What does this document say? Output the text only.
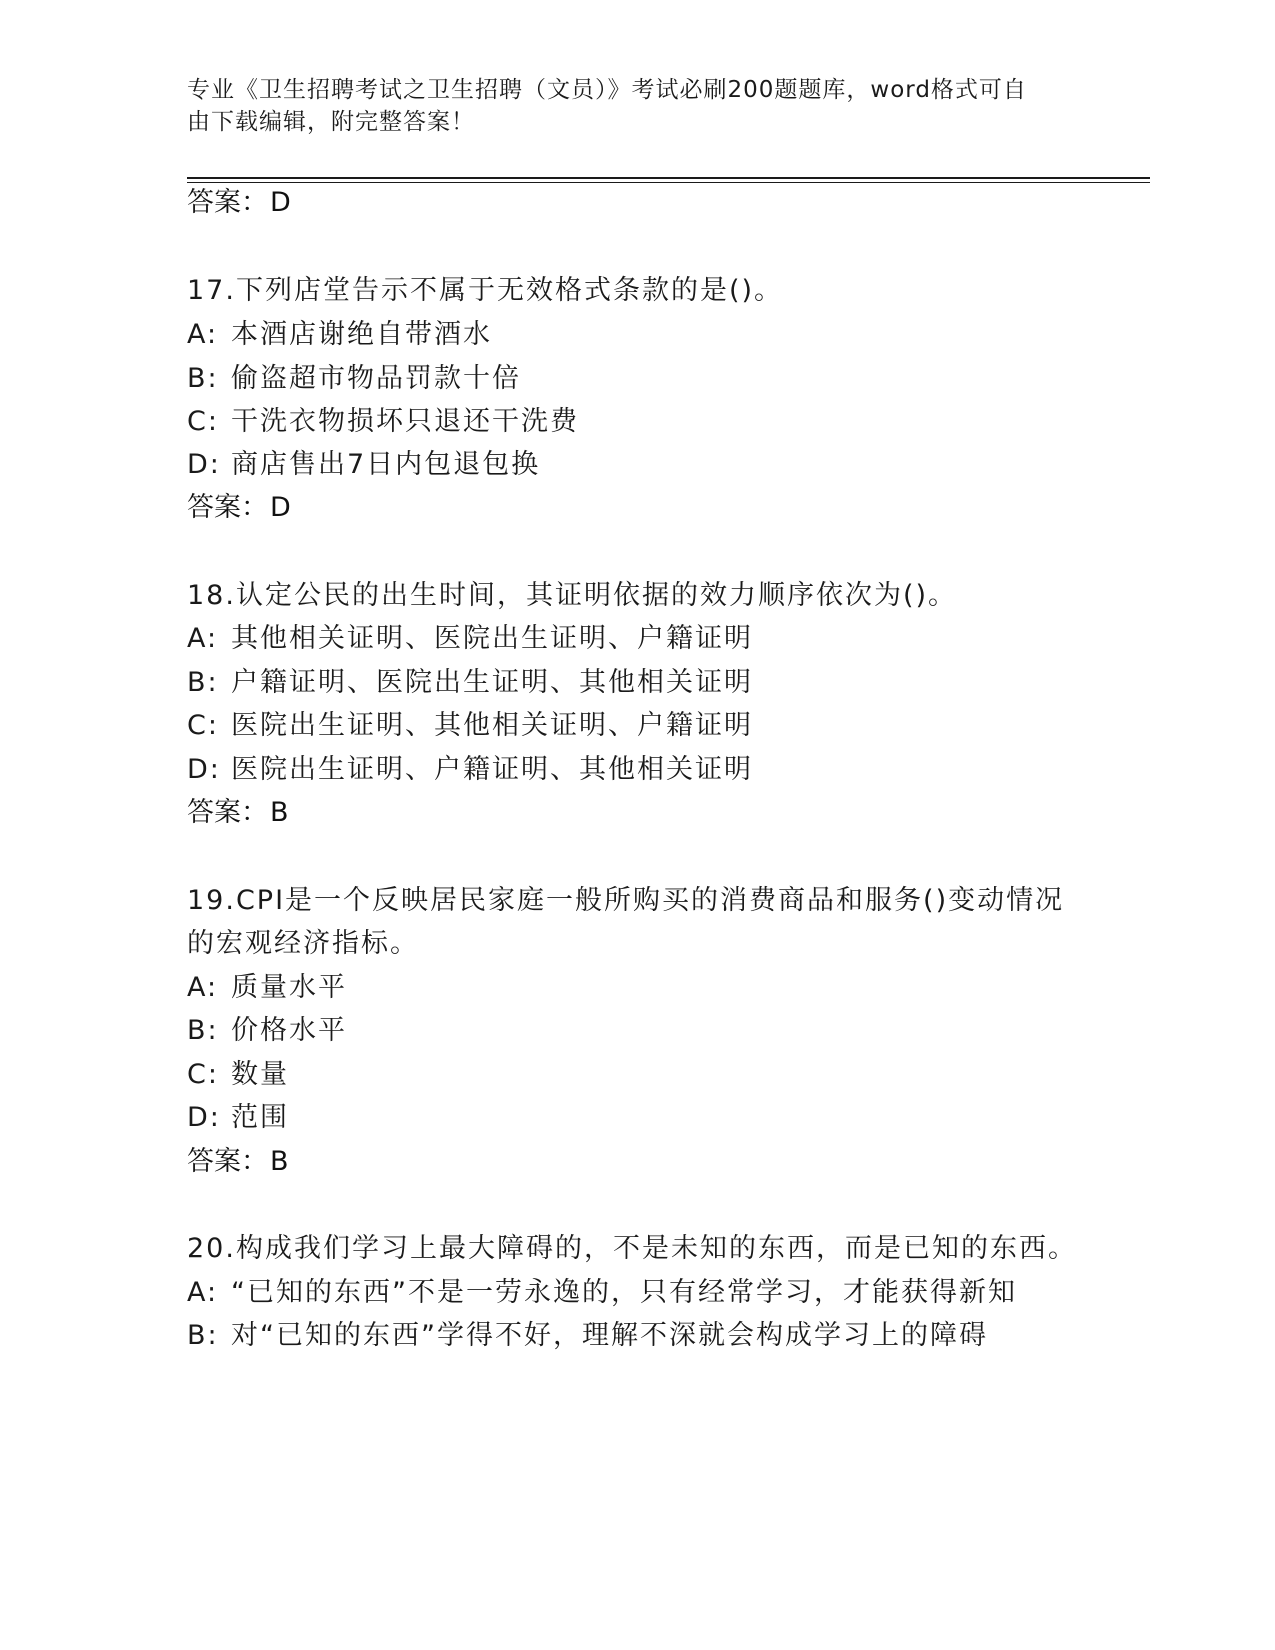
专业《卫生招聘考试之卫生招聘（文员）》考试必刷200题题库，word格式可自
由下载编辑，附完整答案！
答案：D
17.下列店堂告示不属于无效格式条款的是()。
A: 本酒店谢绝自带酒水
B: 偷盗超市物品罚款十倍
C: 干洗衣物损坏只退还干洗费
D: 商店售出7日内包退包换
答案：D
18.认定公民的出生时间，其证明依据的效力顺序依次为()。
A: 其他相关证明、医院出生证明、户籍证明
B: 户籍证明、医院出生证明、其他相关证明
C: 医院出生证明、其他相关证明、户籍证明
D: 医院出生证明、户籍证明、其他相关证明
答案：B
19.CPI是一个反映居民家庭一般所购买的消费商品和服务()变动情况
的宏观经济指标。
A: 质量水平
B: 价格水平
C: 数量
D: 范围
答案：B
20.构成我们学习上最大障碍的，不是未知的东西，而是已知的东西。
A: “已知的东西”不是一劳永逸的，只有经常学习，才能获得新知
B: 对“已知的东西”学得不好，理解不深就会构成学习上的障碍
